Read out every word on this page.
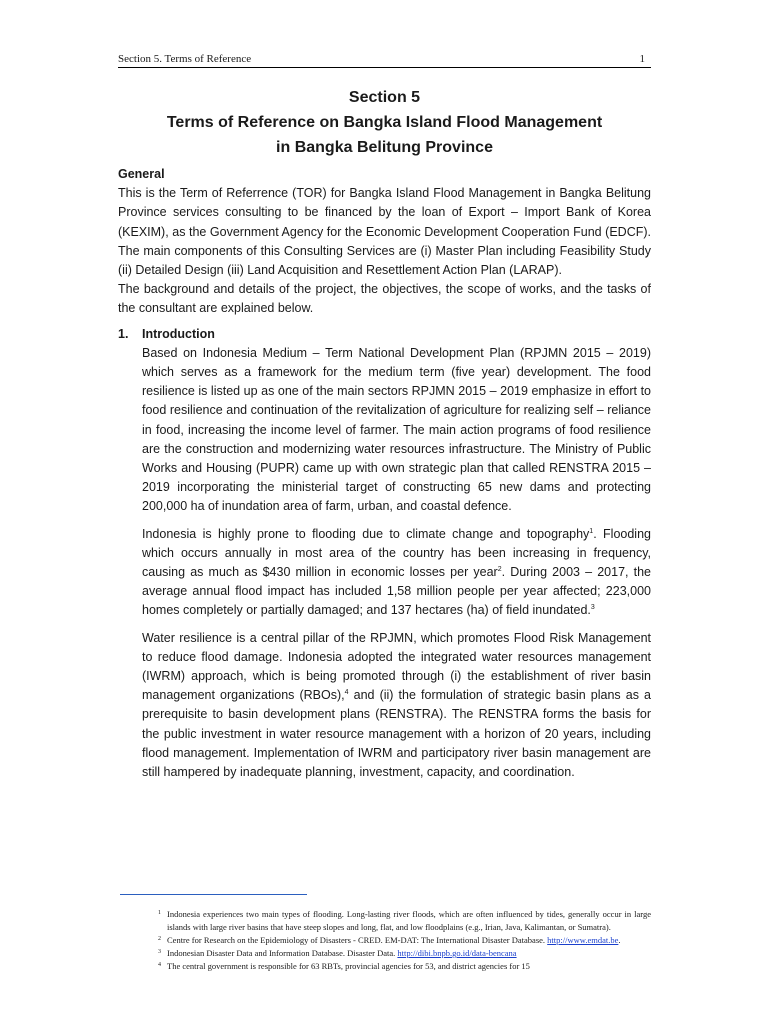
Section 5. Terms of Reference	1
Section 5
Terms of Reference on Bangka Island Flood Management
in Bangka Belitung Province
General

This is the Term of Referrence (TOR) for Bangka Island Flood Management in Bangka Belitung Province services consulting to be financed by the loan of Export – Import Bank of Korea (KEXIM), as the Government Agency for the Economic Development Cooperation Fund (EDCF). The main components of this Consulting Services are (i) Master Plan including Feasibility Study (ii) Detailed Design (iii) Land Acquisition and Resettlement Action Plan (LARAP).

The background and details of the project, the objectives, the scope of works, and the tasks of the consultant are explained below.

1.	Introduction

Based on Indonesia Medium – Term National Development Plan (RPJMN 2015 – 2019) which serves as a framework for the medium term (five year) development. The food resilience is listed up as one of the main sectors RPJMN 2015 – 2019 emphasize in effort to food resilience and continuation of the revitalization of agriculture for realizing self – reliance in food, increasing the income level of farmer. The main action programs of food resilience are the construction and modernizing water resources infrastructure. The Ministry of Public Works and Housing (PUPR) came up with own strategic plan that called RENSTRA 2015 – 2019 incorporating the ministerial target of constructing 65 new dams and protecting 200,000 ha of inundation area of farm, urban, and coastal defence.

Indonesia is highly prone to flooding due to climate change and topography$^1$. Flooding which occurs annually in most area of the country has been increasing in frequency, causing as much as $430 million in economic losses per year$^2$. During 2003 – 2017, the average annual flood impact has included 1,58 million people per year affected; 223,000 homes completely or partially damaged; and 137 hectares (ha) of field inundated.$^3$

Water resilience is a central pillar of the RPJMN, which promotes Flood Risk Management to reduce flood damage. Indonesia adopted the integrated water resources management (IWRM) approach, which is being promoted through (i) the establishment of river basin management organizations (RBOs),$^4$ and (ii) the formulation of strategic basin plans as a prerequisite to basin development plans (RENSTRA). The RENSTRA forms the basis for the public investment in water resource management with a horizon of 20 years, including flood management. Implementation of IWRM and participatory river basin management are still hampered by inadequate planning, investment, capacity, and coordination.

1 Indonesia experiences two main types of flooding. Long-lasting river floods, which are often influenced by tides, generally occur in large islands with large river basins that have steep slopes and long, flat, and low floodplains (e.g., Irian, Java, Kalimantan, or Sumatra).
2 Centre for Research on the Epidemiology of Disasters - CRED. EM-DAT: The International Disaster Database. http://www.emdat.be.
3 Indonesian Disaster Data and Information Database. Disaster Data. http://dibi.bnpb.go.id/data-bencana
4 The central government is responsible for 63 RBTs, provincial agencies for 53, and district agencies for 15
